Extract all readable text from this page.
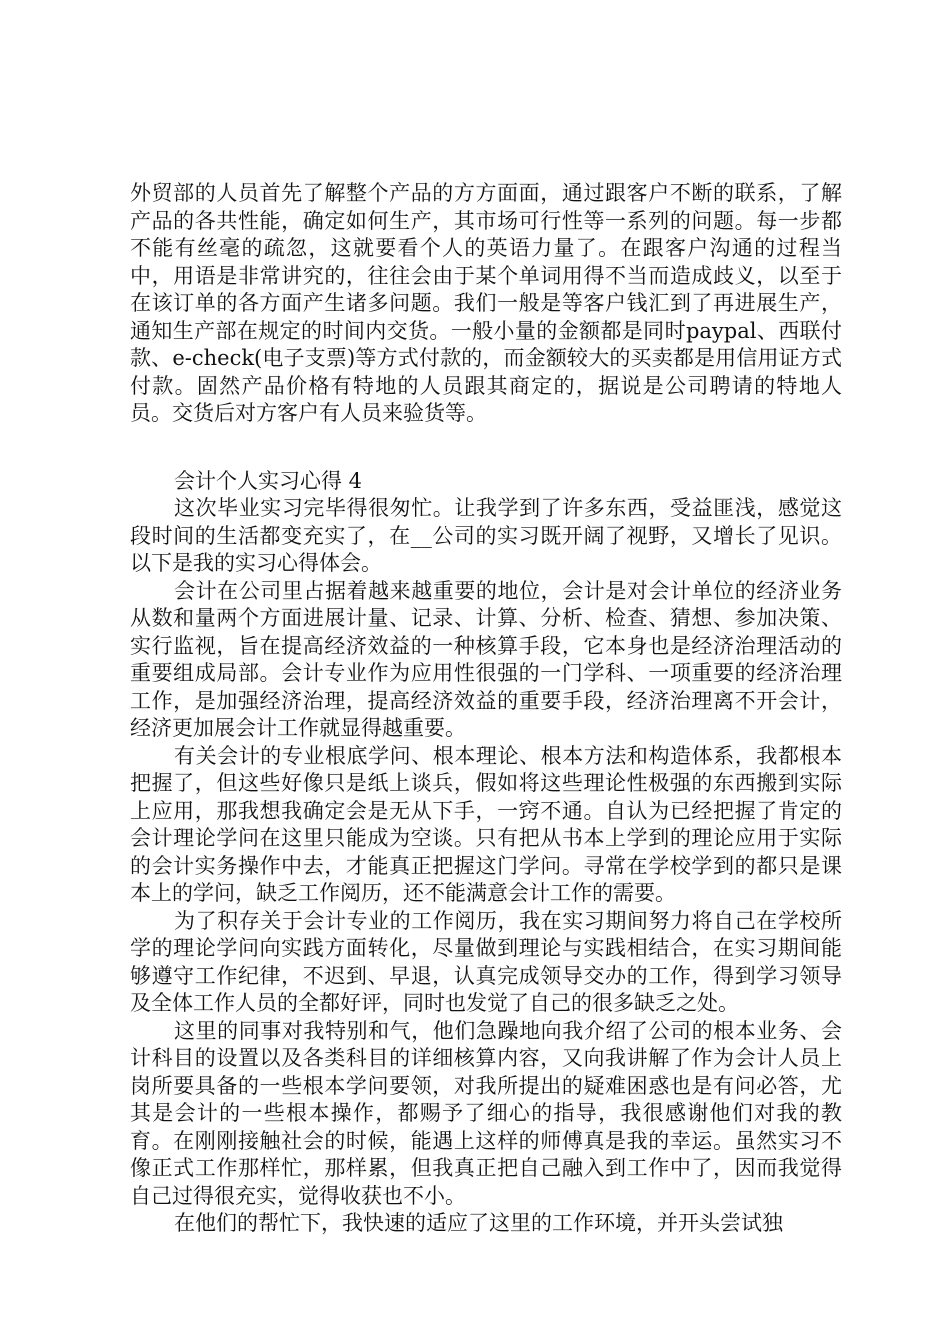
外贸部的人员首先了解整个产品的方方面面，通过跟客户不断的联系，了解产品的各共性能，确定如何生产，其市场可行性等一系列的问题。每一步都不能有丝毫的疏忽，这就要看个人的英语力量了。在跟客户沟通的过程当中，用语是非常讲究的，往往会由于某个单词用得不当而造成歧义，以至于在该订单的各方面产生诸多问题。我们一般是等客户钱汇到了再进展生产，通知生产部在规定的时间内交货。一般小量的金额都是同时paypal、西联付款、e-check(电子支票)等方式付款的，而金额较大的买卖都是用信用证方式付款。固然产品价格有特地的人员跟其商定的，据说是公司聘请的特地人员。交货后对方客户有人员来验货等。

会计个人实习心得 4

这次毕业实习完毕得很匆忙。让我学到了许多东西，受益匪浅，感觉这段时间的生活都变充实了，在__公司的实习既开阔了视野，又增长了见识。以下是我的实习心得体会。

会计在公司里占据着越来越重要的地位，会计是对会计单位的经济业务从数和量两个方面进展计量、记录、计算、分析、检查、猜想、参加决策、实行监视，旨在提高经济效益的一种核算手段，它本身也是经济治理活动的重要组成局部。会计专业作为应用性很强的一门学科、一项重要的经济治理工作，是加强经济治理，提高经济效益的重要手段，经济治理离不开会计，经济更加展会计工作就显得越重要。

有关会计的专业根底学问、根本理论、根本方法和构造体系，我都根本把握了，但这些好像只是纸上谈兵，假如将这些理论性极强的东西搬到实际上应用，那我想我确定会是无从下手，一窍不通。自认为已经把握了肯定的会计理论学问在这里只能成为空谈。只有把从书本上学到的理论应用于实际的会计实务操作中去，才能真正把握这门学问。寻常在学校学到的都只是课本上的学问，缺乏工作阅历，还不能满意会计工作的需要。

为了积存关于会计专业的工作阅历，我在实习期间努力将自己在学校所学的理论学问向实践方面转化，尽量做到理论与实践相结合，在实习期间能够遵守工作纪律，不迟到、早退，认真完成领导交办的工作，得到学习领导及全体工作人员的全都好评，同时也发觉了自己的很多缺乏之处。

这里的同事对我特别和气，他们急躁地向我介绍了公司的根本业务、会计科目的设置以及各类科目的详细核算内容，又向我讲解了作为会计人员上岗所要具备的一些根本学问要领，对我所提出的疑难困惑也是有问必答，尤其是会计的一些根本操作，都赐予了细心的指导，我很感谢他们对我的教育。在刚刚接触社会的时候，能遇上这样的师傅真是我的幸运。虽然实习不像正式工作那样忙，那样累，但我真正把自己融入到工作中了，因而我觉得自己过得很充实，觉得收获也不小。

在他们的帮忙下，我快速的适应了这里的工作环境，并开头尝试独
